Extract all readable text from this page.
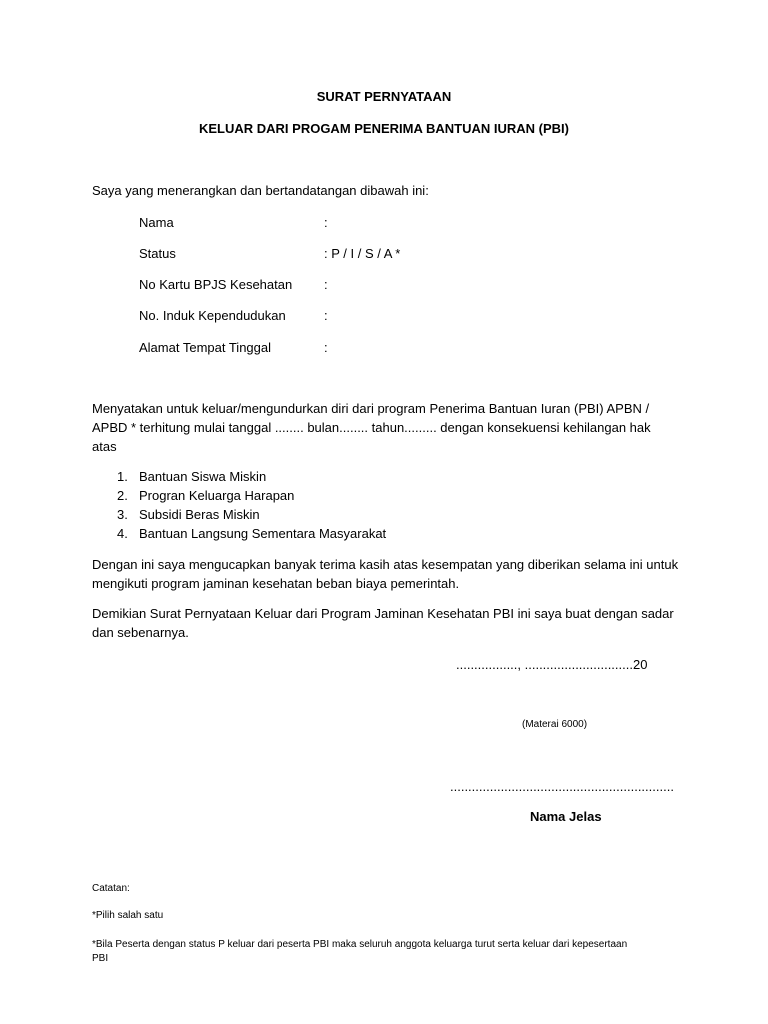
SURAT PERNYATAAN
KELUAR DARI PROGAM PENERIMA BANTUAN IURAN (PBI)
Saya yang menerangkan dan bertandatangan dibawah ini:
Nama	:
Status	: P / I / S / A *
No Kartu BPJS Kesehatan :
No. Induk Kependudukan	:
Alamat Tempat Tinggal	:
Menyatakan untuk keluar/mengundurkan diri dari program Penerima Bantuan Iuran (PBI) APBN /
APBD * terhitung mulai tanggal ........ bulan........ tahun......... dengan konsekuensi kehilangan hak
atas
1. Bantuan Siswa Miskin
2. Progran Keluarga Harapan
3. Subsidi Beras Miskin
4. Bantuan Langsung Sementara Masyarakat
Dengan ini saya mengucapkan banyak terima kasih atas kesempatan yang diberikan selama ini untuk
mengikuti program jaminan kesehatan beban biaya pemerintah.
Demikian Surat Pernyataan Keluar dari Program Jaminan Kesehatan PBI ini saya buat dengan sadar
dan sebenarnya.
................., ..............................20
(Materai 6000)
..............................................................
Nama Jelas
Catatan:
*Pilih salah satu
*Bila Peserta dengan status P keluar dari peserta PBI maka seluruh anggota keluarga turut serta keluar dari kepesertaan
PBI
